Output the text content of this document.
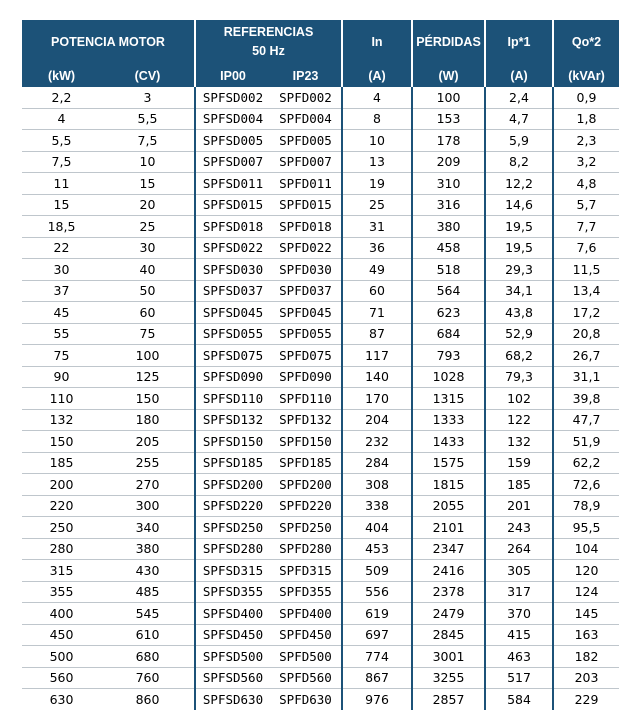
POTENCIA MOTOR		REFERENCIAS
50 Hz		In	PÉRDIDAS	Ip*1	Qo*2
(kW)	(CV)	IP00	IP23	(A)	(W)	(A)	(kVAr)
2,2	3	SPFSD002	SPFD002	4	100	2,4	0,9
4	5,5	SPFSD004	SPFD004	8	153	4,7	1,8
5,5	7,5	SPFSD005	SPFD005	10	178	5,9	2,3
7,5	10	SPFSD007	SPFD007	13	209	8,2	3,2
11	15	SPFSD011	SPFD011	19	310	12,2	4,8
15	20	SPFSD015	SPFD015	25	316	14,6	5,7
18,5	25	SPFSD018	SPFD018	31	380	19,5	7,7
22	30	SPFSD022	SPFD022	36	458	19,5	7,6
30	40	SPFSD030	SPFD030	49	518	29,3	11,5
37	50	SPFSD037	SPFD037	60	564	34,1	13,4
45	60	SPFSD045	SPFD045	71	623	43,8	17,2
55	75	SPFSD055	SPFD055	87	684	52,9	20,8
75	100	SPFSD075	SPFD075	117	793	68,2	26,7
90	125	SPFSD090	SPFD090	140	1028	79,3	31,1
110	150	SPFSD110	SPFD110	170	1315	102	39,8
132	180	SPFSD132	SPFD132	204	1333	122	47,7
150	205	SPFSD150	SPFD150	232	1433	132	51,9
185	255	SPFSD185	SPFD185	284	1575	159	62,2
200	270	SPFSD200	SPFD200	308	1815	185	72,6
220	300	SPFSD220	SPFD220	338	2055	201	78,9
250	340	SPFSD250	SPFD250	404	2101	243	95,5
280	380	SPFSD280	SPFD280	453	2347	264	104
315	430	SPFSD315	SPFD315	509	2416	305	120
355	485	SPFSD355	SPFD355	556	2378	317	124
400	545	SPFSD400	SPFD400	619	2479	370	145
450	610	SPFSD450	SPFD450	697	2845	415	163
500	680	SPFSD500	SPFD500	774	3001	463	182
560	760	SPFSD560	SPFD560	867	3255	517	203
630	860	SPFSD630	SPFD630	976	2857	584	229
